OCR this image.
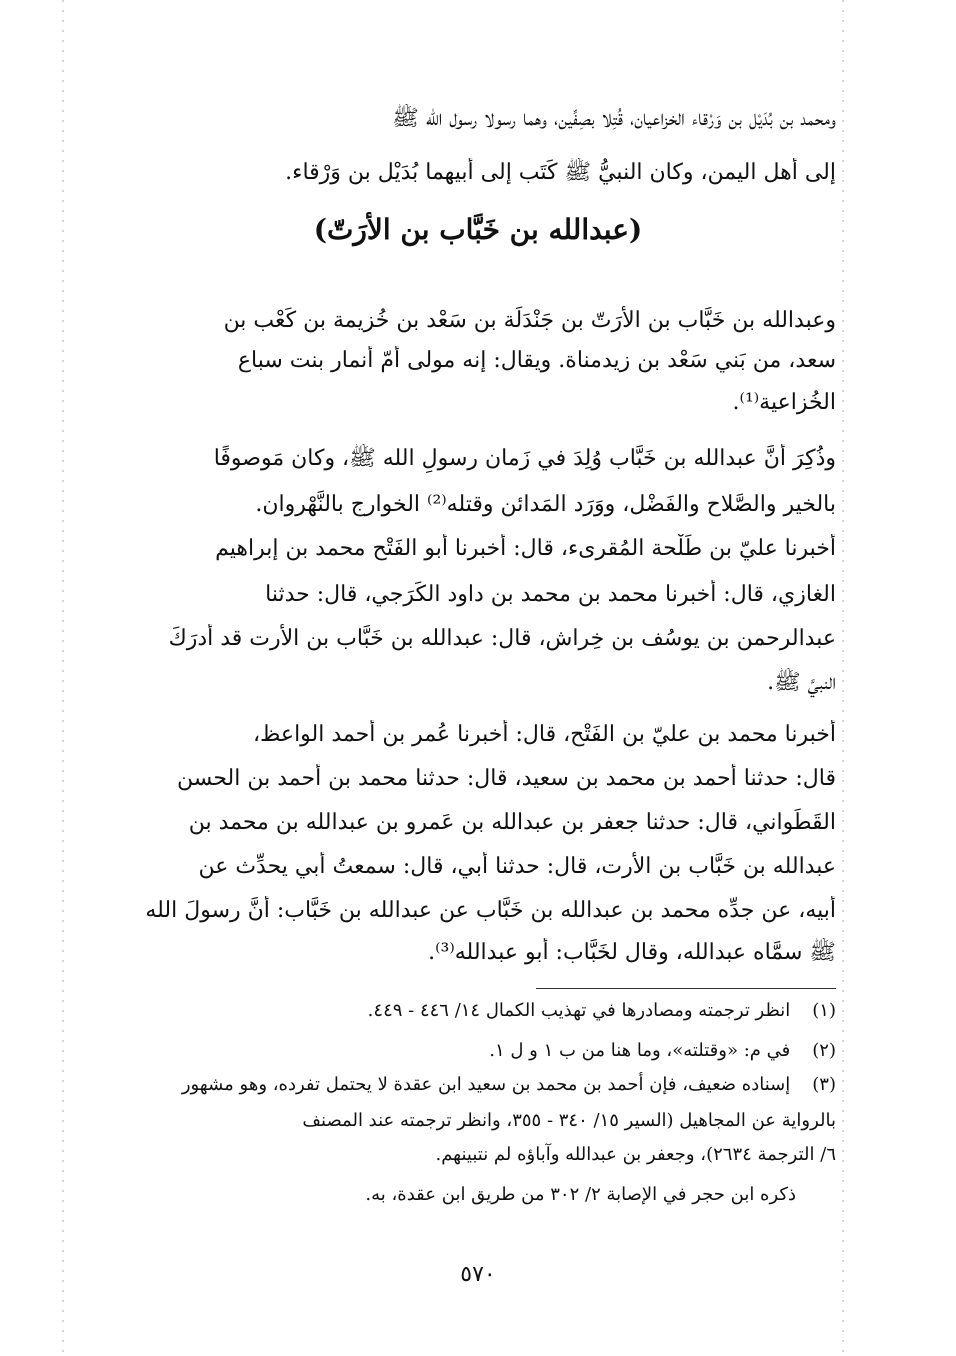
ومحمد بن بُدَيْل بن وَرْقاء الخزاعيان، قُتِلا بصِفِّين، وهما رسولا رسول الله ﷺ
إلى أهل اليمن، وكان النبيُّ ﷺ كَتَب إلى أبيهما بُدَيْل بن وَرْقاء.
(عبدالله بن خَبَّاب بن الأرَتّ)
وعبدالله بن خَبَّاب بن الأرَتّ بن جَنْدَلَة بن سَعْد بن خُزيمة بن كَعْب بن
سعد، من بَني سَعْد بن زيدمناة. ويقال: إنه مولى أمّ أنمار بنت سباع
الخُزاعية⁽¹⁾.
وذُكِرَ أنَّ عبدالله بن خَبَّاب وُلِدَ في زَمان رسولِ الله ﷺ، وكان مَوصوفًا
بالخير والصَّلاح والفَضْل، ووَرَد المَدائن وقتله⁽²⁾ الخوارج بالنَّهْروان.
أخبرنا عليّ بن طَلْحة المُقرىء، قال: أخبرنا أبو الفَتْح محمد بن إبراهيم
الغازي، قال: أخبرنا محمد بن محمد بن داود الكَرَجي، قال: حدثنا
عبدالرحمن بن يوسُف بن خِراش، قال: عبدالله بن خَبَّاب بن الأرت قد أدرَكَ
النبيَّ ﷺ.
أخبرنا محمد بن عليّ بن الفَتْح، قال: أخبرنا عُمر بن أحمد الواعظ،
قال: حدثنا أحمد بن محمد بن سعيد، قال: حدثنا محمد بن أحمد بن الحسن
القَطَواني، قال: حدثنا جعفر بن عبدالله بن عَمرو بن عبدالله بن محمد بن
عبدالله بن خَبَّاب بن الأرت، قال: حدثنا أبي، قال: سمعتُ أبي يحدِّث عن
أبيه، عن جدِّه محمد بن عبدالله بن خَبَّاب عن عبدالله بن خَبَّاب: أنَّ رسولَ الله
ﷺ سمَّاه عبدالله، وقال لخَبَّاب: أبو عبدالله⁽³⁾.
(١) انظر ترجمته ومصادرها في تهذيب الكمال ١٤/ ٤٤٦ - ٤٤٩.
(٢) في م: «وقتلته»، وما هنا من ب ١ و ل ١.
(٣) إسناده ضعيف، فإن أحمد بن محمد بن سعيد ابن عقدة لا يحتمل تفرده، وهو مشهور
بالرواية عن المجاهيل (السير ١٥/ ٣٤٠ - ٣٥٥، وانظر ترجمته عند المصنف
٦/ الترجمة ٢٦٣٤)، وجعفر بن عبدالله وآباؤه لم نتبينهم.
ذكره ابن حجر في الإصابة ٢/ ٣٠٢ من طريق ابن عقدة، به.
٥٧٠
